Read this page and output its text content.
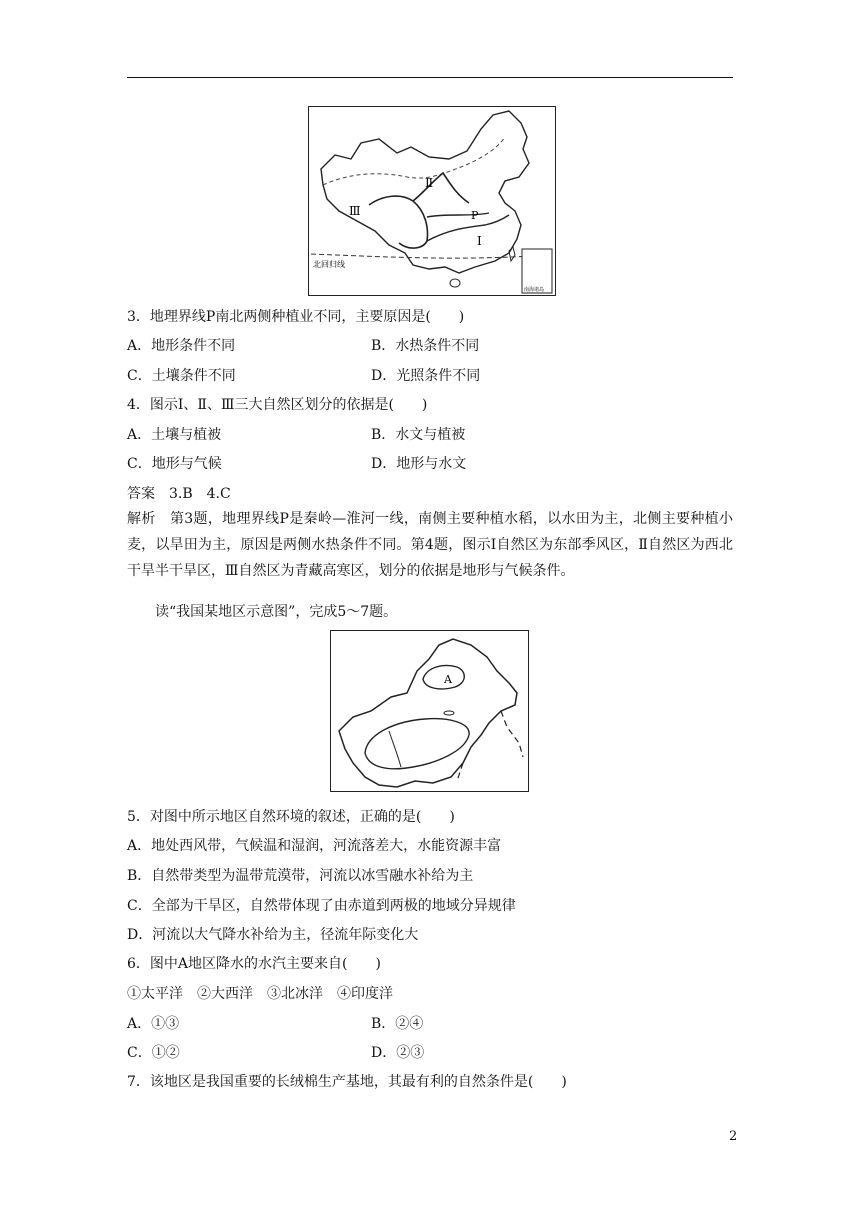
Ⅱ
Ⅲ	P
Ⅰ
北回归线
南海诸岛
3．地理界线P南北两侧种植业不同，主要原因是(　　)
A．地形条件不同	B．水热条件不同
C．土壤条件不同	D．光照条件不同
4．图示Ⅰ、Ⅱ、Ⅲ三大自然区划分的依据是(　　)
A．土壤与植被	B．水文与植被
C．地形与气候	D．地形与水文
答案　3.B　4.C
解析　第3题，地理界线P是秦岭—淮河一线，南侧主要种植水稻，以水田为主，北侧主要种植小麦，以旱田为主，原因是两侧水热条件不同。第4题，图示Ⅰ自然区为东部季风区，Ⅱ自然区为西北干旱半干旱区，Ⅲ自然区为青藏高寒区，划分的依据是地形与气候条件。
读“我国某地区示意图”，完成5～7题。
A
5．对图中所示地区自然环境的叙述，正确的是(　　)
A．地处西风带，气候温和湿润，河流落差大，水能资源丰富
B．自然带类型为温带荒漠带，河流以冰雪融水补给为主
C．全部为干旱区，自然带体现了由赤道到两极的地域分异规律
D．河流以大气降水补给为主，径流年际变化大
6．图中A地区降水的水汽主要来自(　　)
①太平洋　②大西洋　③北冰洋　④印度洋
A．①③	B．②④
C．①②	D．②③
7．该地区是我国重要的长绒棉生产基地，其最有利的自然条件是(　　)
2
